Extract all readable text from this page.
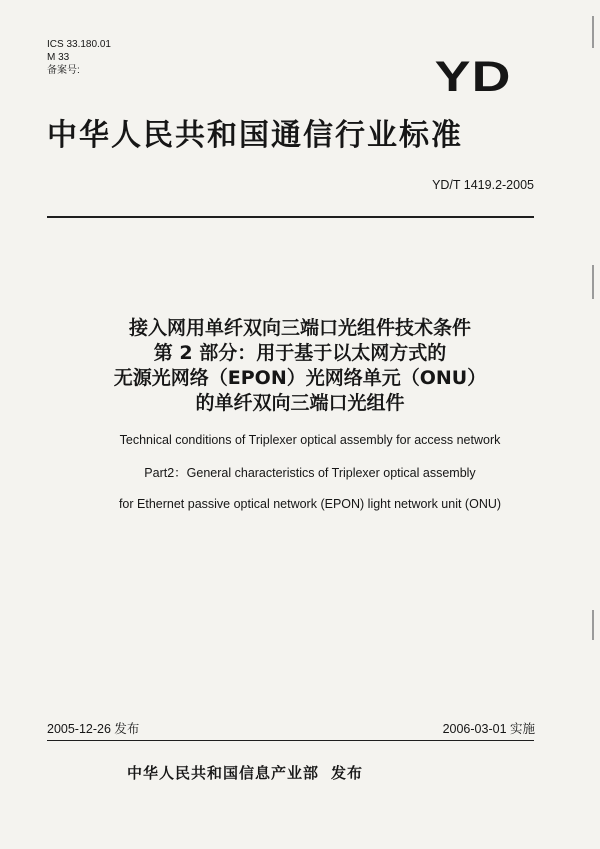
ICS 33.180.01
M 33
备案号:	YD
中华人民共和国通信行业标准
YD/T 1419.2-2005
接入网用单纤双向三端口光组件技术条件
第 2 部分：用于基于以太网方式的
无源光网络（EPON）光网络单元（ONU）
的单纤双向三端口光组件
Technical conditions of Triplexer optical assembly for access network
Part2：General characteristics of Triplexer optical assembly
for Ethernet passive optical network (EPON) light network unit (ONU)
2005-12-26 发布	2006-03-01 实施
中华人民共和国信息产业部 发布
